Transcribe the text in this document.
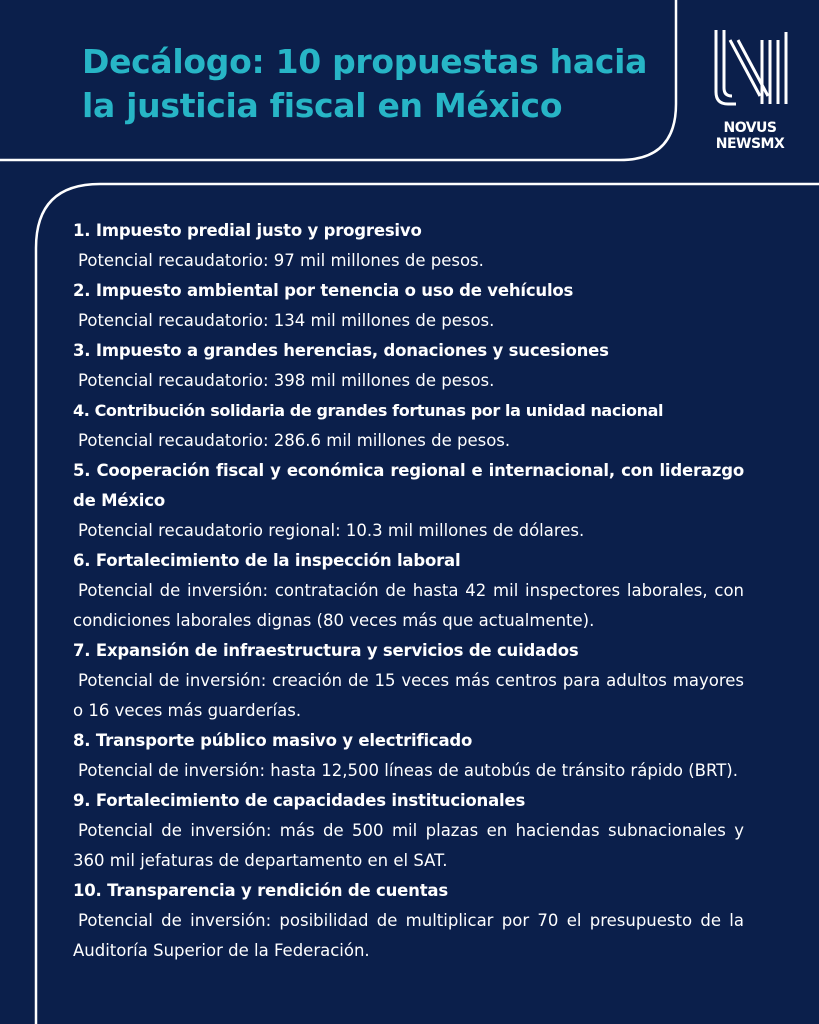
Decálogo: 10 propuestas hacia
la justicia fiscal en México
NOVUS
NEWSMX
1. Impuesto predial justo y progresivo

Potencial recaudatorio: 97 mil millones de pesos.

2. Impuesto ambiental por tenencia o uso de vehículos

Potencial recaudatorio: 134 mil millones de pesos.

3. Impuesto a grandes herencias, donaciones y sucesiones

Potencial recaudatorio: 398 mil millones de pesos.

4. Contribución solidaria de grandes fortunas por la unidad nacional

Potencial recaudatorio: 286.6 mil millones de pesos.

5. Cooperación fiscal y económica regional e internacional, con liderazgo de México

Potencial recaudatorio regional: 10.3 mil millones de dólares.

6. Fortalecimiento de la inspección laboral

Potencial de inversión: contratación de hasta 42 mil inspectores laborales, con condiciones laborales dignas (80 veces más que actualmente).

7. Expansión de infraestructura y servicios de cuidados

Potencial de inversión: creación de 15 veces más centros para adultos mayores o 16 veces más guarderías.

8. Transporte público masivo y electrificado

Potencial de inversión: hasta 12,500 líneas de autobús de tránsito rápido (BRT).

9. Fortalecimiento de capacidades institucionales

Potencial de inversión: más de 500 mil plazas en haciendas subnacionales y 360 mil jefaturas de departamento en el SAT.

10. Transparencia y rendición de cuentas

Potencial de inversión: posibilidad de multiplicar por 70 el presupuesto de la Auditoría Superior de la Federación.
